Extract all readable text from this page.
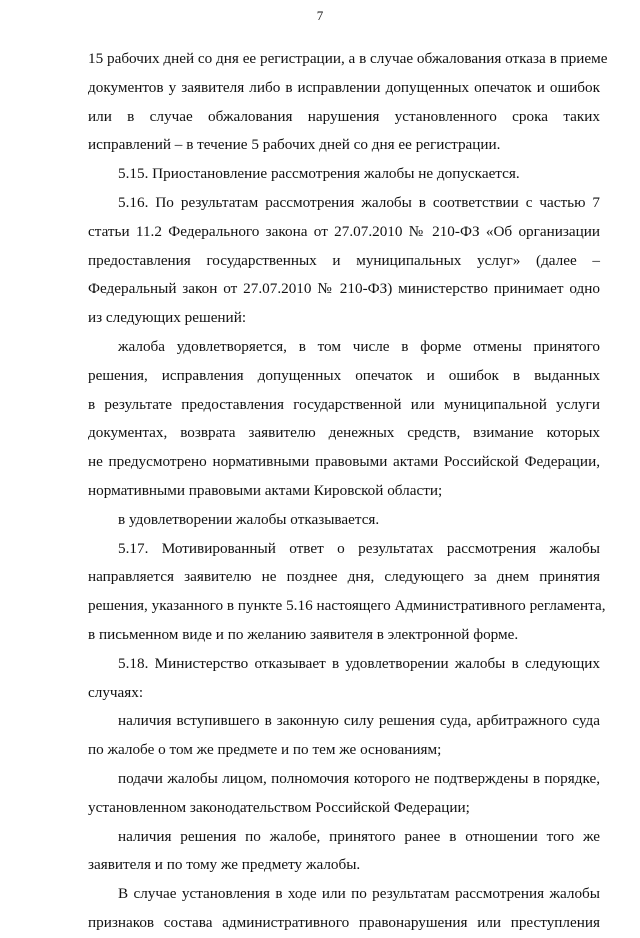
7
15 рабочих дней со дня ее регистрации, а в случае обжалования отказа в приеме
документов у заявителя либо в исправлении допущенных опечаток и ошибок
или в случае обжалования нарушения установленного срока таких
исправлений – в течение 5 рабочих дней со дня ее регистрации.
5.15. Приостановление рассмотрения жалобы не допускается.
5.16. По результатам рассмотрения жалобы в соответствии с частью 7
статьи 11.2 Федерального закона от 27.07.2010 № 210-ФЗ «Об организации
предоставления государственных и муниципальных услуг» (далее –
Федеральный закон от 27.07.2010 № 210-ФЗ) министерство принимает одно
из следующих решений:
жалоба удовлетворяется, в том числе в форме отмены принятого
решения, исправления допущенных опечаток и ошибок в выданных
в результате предоставления государственной или муниципальной услуги
документах, возврата заявителю денежных средств, взимание которых
не предусмотрено нормативными правовыми актами Российской Федерации,
нормативными правовыми актами Кировской области;
в удовлетворении жалобы отказывается.
5.17. Мотивированный ответ о результатах рассмотрения жалобы
направляется заявителю не позднее дня, следующего за днем принятия
решения, указанного в пункте 5.16 настоящего Административного регламента,
в письменном виде и по желанию заявителя в электронной форме.
5.18. Министерство отказывает в удовлетворении жалобы в следующих
случаях:
наличия вступившего в законную силу решения суда, арбитражного суда
по жалобе о том же предмете и по тем же основаниям;
подачи жалобы лицом, полномочия которого не подтверждены в порядке,
установленном законодательством Российской Федерации;
наличия решения по жалобе, принятого ранее в отношении того же
заявителя и по тому же предмету жалобы.
В случае установления в ходе или по результатам рассмотрения жалобы
признаков состава административного правонарушения или преступления
